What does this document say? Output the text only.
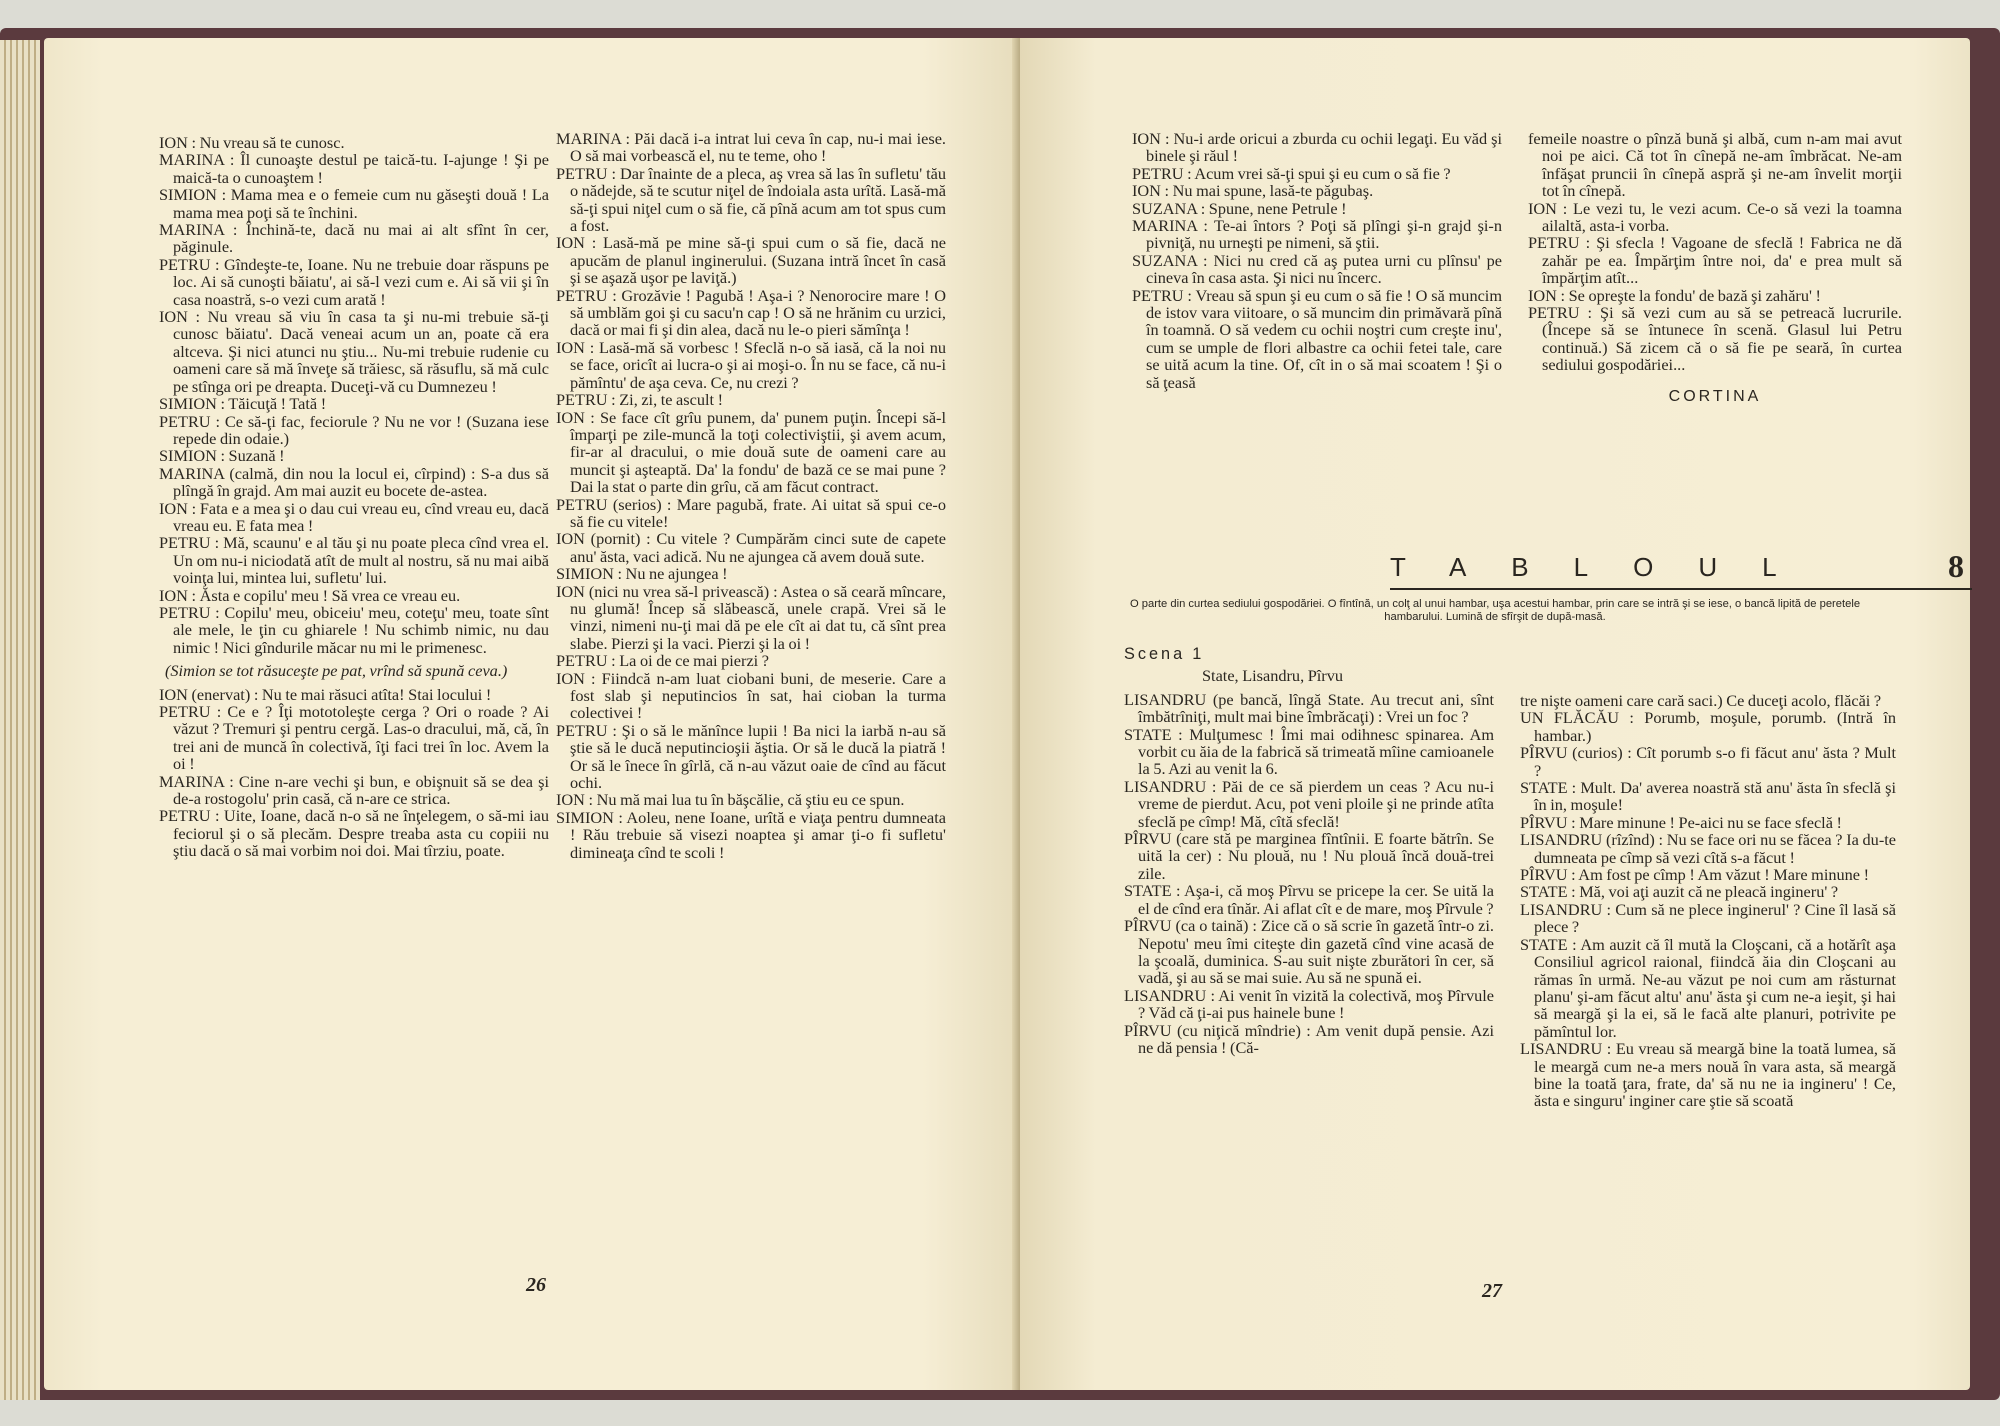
ION : Nu vreau să te cunosc.

MARINA : Îl cunoaşte destul pe taică-tu. I-ajunge ! Şi pe maică-ta o cunoaştem !

SIMION : Mama mea e o femeie cum nu găseşti două ! La mama mea poţi să te închini.

MARINA : Închină-te, dacă nu mai ai alt sfînt în cer, păginule.

PETRU : Gîndeşte-te, Ioane. Nu ne trebuie doar răspuns pe loc. Ai să cunoşti băiatu', ai să-l vezi cum e. Ai să vii şi în casa noastră, s-o vezi cum arată !

ION : Nu vreau să viu în casa ta şi nu-mi trebuie să-ţi cunosc băiatu'. Dacă veneai acum un an, poate că era altceva. Şi nici atunci nu ştiu... Nu-mi trebuie rudenie cu oameni care să mă înveţe să trăiesc, să răsuflu, să mă culc pe stînga ori pe dreapta. Duceţi-vă cu Dumnezeu !

SIMION : Tăicuţă ! Tată !

PETRU : Ce să-ţi fac, feciorule ? Nu ne vor ! (Suzana iese repede din odaie.)

SIMION : Suzană !

MARINA (calmă, din nou la locul ei, cîrpind) : S-a dus să plîngă în grajd. Am mai auzit eu bocete de-astea.

ION : Fata e a mea şi o dau cui vreau eu, cînd vreau eu, dacă vreau eu. E fata mea !

PETRU : Mă, scaunu' e al tău şi nu poate pleca cînd vrea el. Un om nu-i niciodată atît de mult al nostru, să nu mai aibă voinţa lui, mintea lui, sufletu' lui.

ION : Ăsta e copilu' meu ! Să vrea ce vreau eu.

PETRU : Copilu' meu, obiceiu' meu, coteţu' meu, toate sînt ale mele, le ţin cu ghiarele ! Nu schimb nimic, nu dau nimic ! Nici gîndurile măcar nu mi le primenesc.

(Simion se tot răsuceşte pe pat, vrînd să spună ceva.)

ION (enervat) : Nu te mai răsuci atîta! Stai locului !

PETRU : Ce e ? Îţi mototoleşte cerga ? Ori o roade ? Ai văzut ? Tremuri şi pentru cergă. Las-o dracului, mă, că, în trei ani de muncă în colectivă, îţi faci trei în loc. Avem la oi !

MARINA : Cine n-are vechi şi bun, e obişnuit să se dea şi de-a rostogolu' prin casă, că n-are ce strica.

PETRU : Uite, Ioane, dacă n-o să ne înţelegem, o să-mi iau feciorul şi o să plecăm. Despre treaba asta cu copiii nu ştiu dacă o să mai vorbim noi doi. Mai tîrziu, poate.

MARINA : Păi dacă i-a intrat lui ceva în cap, nu-i mai iese. O să mai vorbească el, nu te teme, oho !

PETRU : Dar înainte de a pleca, aş vrea să las în sufletu' tău o nădejde, să te scutur niţel de îndoiala asta urîtă. Lasă-mă să-ţi spui niţel cum o să fie, că pînă acum am tot spus cum a fost.

ION : Lasă-mă pe mine să-ţi spui cum o să fie, dacă ne apucăm de planul inginerului. (Suzana intră încet în casă şi se aşază uşor pe laviţă.)

PETRU : Grozăvie ! Pagubă ! Aşa-i ? Nenorocire mare ! O să umblăm goi şi cu sacu'n cap ! O să ne hrănim cu urzici, dacă or mai fi şi din alea, dacă nu le-o pieri sămînţa !

ION : Lasă-mă să vorbesc ! Sfeclă n-o să iasă, că la noi nu se face, oricît ai lucra-o şi ai moşi-o. În nu se face, că nu-i pămîntu' de aşa ceva. Ce, nu crezi ?

PETRU : Zi, zi, te ascult !

ION : Se face cît grîu punem, da' punem puţin. Începi să-l împarţi pe zile-muncă la toţi colectiviştii, şi avem acum, fir-ar al dracului, o mie două sute de oameni care au muncit şi aşteaptă. Da' la fondu' de bază ce se mai pune ? Dai la stat o parte din grîu, că am făcut contract.

PETRU (serios) : Mare pagubă, frate. Ai uitat să spui ce-o să fie cu vitele!

ION (pornit) : Cu vitele ? Cumpărăm cinci sute de capete anu' ăsta, vaci adică. Nu ne ajungea că avem două sute.

SIMION : Nu ne ajungea !

ION (nici nu vrea să-l privească) : Astea o să ceară mîncare, nu glumă! Încep să slăbească, unele crapă. Vrei să le vinzi, nimeni nu-ţi mai dă pe ele cît ai dat tu, că sînt prea slabe. Pierzi şi la vaci. Pierzi şi la oi !

PETRU : La oi de ce mai pierzi ?

ION : Fiindcă n-am luat ciobani buni, de meserie. Care a fost slab şi neputincios în sat, hai cioban la turma colectivei !

PETRU : Şi o să le mănînce lupii ! Ba nici la iarbă n-au să ştie să le ducă neputincioşii ăştia. Or să le ducă la piatră ! Or să le înece în gîrlă, că n-au văzut oaie de cînd au făcut ochi.

ION : Nu mă mai lua tu în băşcălie, că ştiu eu ce spun.

SIMION : Aoleu, nene Ioane, urîtă e viaţa pentru dumneata ! Rău trebuie să visezi noaptea şi amar ţi-o fi sufletu' dimineaţa cînd te scoli !

26

ION : Nu-i arde oricui a zburda cu ochii legaţi. Eu văd şi binele şi răul !

PETRU : Acum vrei să-ţi spui şi eu cum o să fie ?

ION : Nu mai spune, lasă-te păgubaş.

SUZANA : Spune, nene Petrule !

MARINA : Te-ai întors ? Poţi să plîngi şi-n grajd şi-n pivniţă, nu urneşti pe nimeni, să ştii.

SUZANA : Nici nu cred că aş putea urni cu plînsu' pe cineva în casa asta. Şi nici nu încerc.

PETRU : Vreau să spun şi eu cum o să fie ! O să muncim de istov vara viitoare, o să muncim din primăvară pînă în toamnă. O să vedem cu ochii noştri cum creşte inu', cum se umple de flori albastre ca ochii fetei tale, care se uită acum la tine. Of, cît in o să mai scoatem ! Şi o să ţeasă

femeile noastre o pînză bună şi albă, cum n-am mai avut noi pe aici. Că tot în cînepă ne-am îmbrăcat. Ne-am înfăşat pruncii în cînepă aspră şi ne-am învelit morţii tot în cînepă.

ION : Le vezi tu, le vezi acum. Ce-o să vezi la toamna ailaltă, asta-i vorba.

PETRU : Şi sfecla ! Vagoane de sfeclă ! Fabrica ne dă zahăr pe ea. Împărţim între noi, da' e prea mult să împărţim atît...

ION : Se opreşte la fondu' de bază şi zahăru' !

PETRU : Şi să vezi cum au să se petreacă lucrurile. (Începe să se întunece în scenă. Glasul lui Petru continuă.) Să zicem că o să fie pe seară, în curtea sediului gospodăriei...

CORTINA
Scena 1
State, Lisandru, Pîrvu

LISANDRU (pe bancă, lîngă State. Au trecut ani, sînt îmbătrîniţi, mult mai bine îmbrăcaţi) : Vrei un foc ?

STATE : Mulţumesc ! Îmi mai odihnesc spinarea. Am vorbit cu ăia de la fabrică să trimeată mîine camioanele la 5. Azi au venit la 6.

LISANDRU : Păi de ce să pierdem un ceas ? Acu nu-i vreme de pierdut. Acu, pot veni ploile şi ne prinde atîta sfeclă pe cîmp! Mă, cîtă sfeclă!

PÎRVU (care stă pe marginea fîntînii. E foarte bătrîn. Se uită la cer) : Nu plouă, nu ! Nu plouă încă două-trei zile.

STATE : Aşa-i, că moş Pîrvu se pricepe la cer. Se uită la el de cînd era tînăr. Ai aflat cît e de mare, moş Pîrvule ?

PÎRVU (ca o taină) : Zice că o să scrie în gazetă într-o zi. Nepotu' meu îmi citeşte din gazetă cînd vine acasă de la şcoală, duminica. S-au suit nişte zburători în cer, să vadă, şi au să se mai suie. Au să ne spună ei.

LISANDRU : Ai venit în vizită la colectivă, moş Pîrvule ? Văd că ţi-ai pus hainele bune !

PÎRVU (cu niţică mîndrie) : Am venit după pensie. Azi ne dă pensia ! (Că-

tre nişte oameni care cară saci.) Ce duceţi acolo, flăcăi ?

UN FLĂCĂU : Porumb, moşule, porumb. (Intră în hambar.)

PÎRVU (curios) : Cît porumb s-o fi făcut anu' ăsta ? Mult ?

STATE : Mult. Da' averea noastră stă anu' ăsta în sfeclă şi în in, moşule!

PÎRVU : Mare minune ! Pe-aici nu se face sfeclă !

LISANDRU (rîzînd) : Nu se face ori nu se făcea ? Ia du-te dumneata pe cîmp să vezi cîtă s-a făcut !

PÎRVU : Am fost pe cîmp ! Am văzut ! Mare minune !

STATE : Mă, voi aţi auzit că ne pleacă ingineru' ?

LISANDRU : Cum să ne plece inginerul' ? Cine îl lasă să plece ?

STATE : Am auzit că îl mută la Cloşcani, că a hotărît aşa Consiliul agricol raional, fiindcă ăia din Cloşcani au rămas în urmă. Ne-au văzut pe noi cum am răsturnat planu' şi-am făcut altu' anu' ăsta şi cum ne-a ieşit, şi hai să meargă şi la ei, să le facă alte planuri, potrivite pe pămîntul lor.

LISANDRU : Eu vreau să meargă bine la toată lumea, să le meargă cum ne-a mers nouă în vara asta, să meargă bine la toată ţara, frate, da' să nu ne ia ingineru' ! Ce, ăsta e singuru' inginer care ştie să scoată

27
TABLOUL	8
O parte din curtea sediului gospodăriei. O fîntînă, un colţ al unui hambar, uşa acestui hambar, prin care se intră şi se iese, o bancă lipită de peretele hambarului. Lumină de sfîrşit de după-masă.
